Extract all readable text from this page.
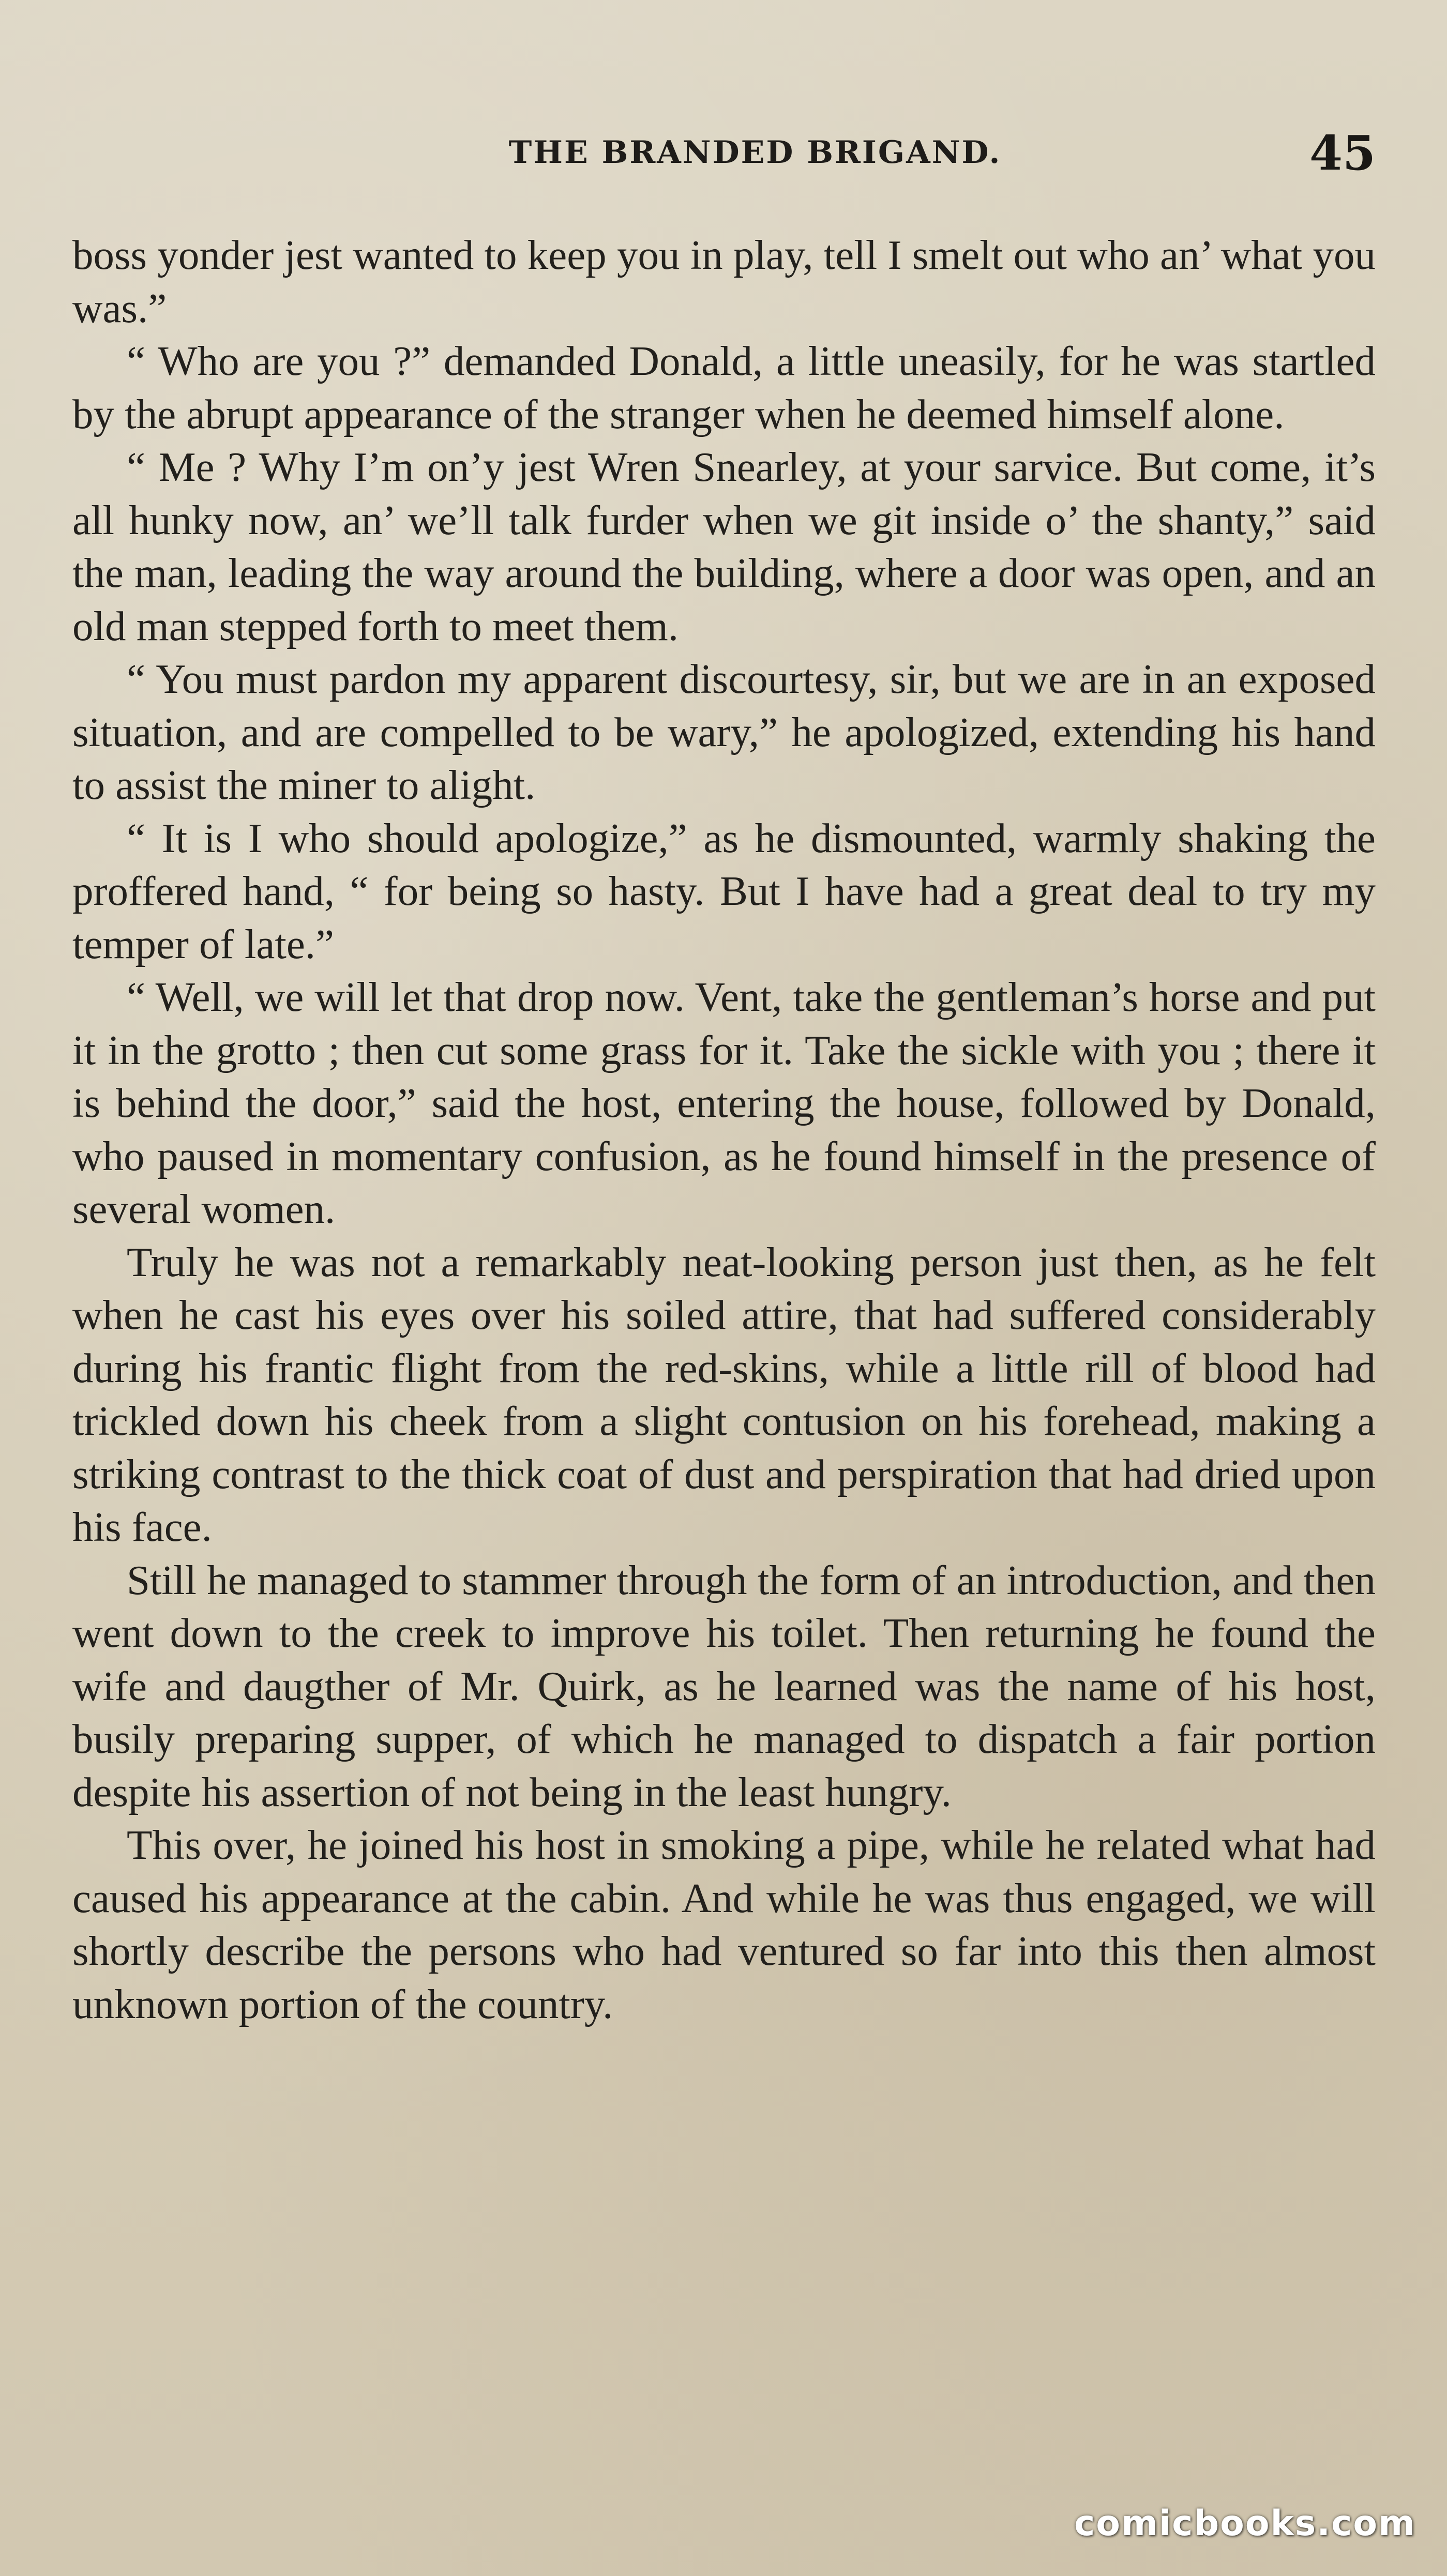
THE BRANDED BRIGAND.	45

boss yonder jest wanted to keep you in play, tell I smelt out who an’ what you was.”

“ Who are you ?” demanded Donald, a little uneasily, for he was startled by the abrupt appearance of the stranger when he deemed himself alone.

“ Me ? Why I’m on’y jest Wren Snearley, at your sarvice. But come, it’s all hunky now, an’ we’ll talk furder when we git inside o’ the shanty,” said the man, leading the way around the building, where a door was open, and an old man stepped forth to meet them.

“ You must pardon my apparent discourtesy, sir, but we are in an exposed situation, and are compelled to be wary,” he apologized, extending his hand to assist the miner to alight.

“ It is I who should apologize,” as he dismounted, warmly shaking the proffered hand, “ for being so hasty. But I have had a great deal to try my temper of late.”

“ Well, we will let that drop now. Vent, take the gentleman’s horse and put it in the grotto ; then cut some grass for it. Take the sickle with you ; there it is behind the door,” said the host, entering the house, followed by Donald, who paused in momentary confusion, as he found himself in the presence of several women.

Truly he was not a remarkably neat-looking person just then, as he felt when he cast his eyes over his soiled attire, that had suffered considerably during his frantic flight from the red-skins, while a little rill of blood had trickled down his cheek from a slight contusion on his forehead, making a striking contrast to the thick coat of dust and perspiration that had dried upon his face.

Still he managed to stammer through the form of an introduction, and then went down to the creek to improve his toilet. Then returning he found the wife and daugther of Mr. Quirk, as he learned was the name of his host, busily preparing supper, of which he managed to dispatch a fair portion despite his assertion of not being in the least hungry.

This over, he joined his host in smoking a pipe, while he related what had caused his appearance at the cabin. And while he was thus engaged, we will shortly describe the persons who had ventured so far into this then almost unknown portion of the country.

comicbooks.com
